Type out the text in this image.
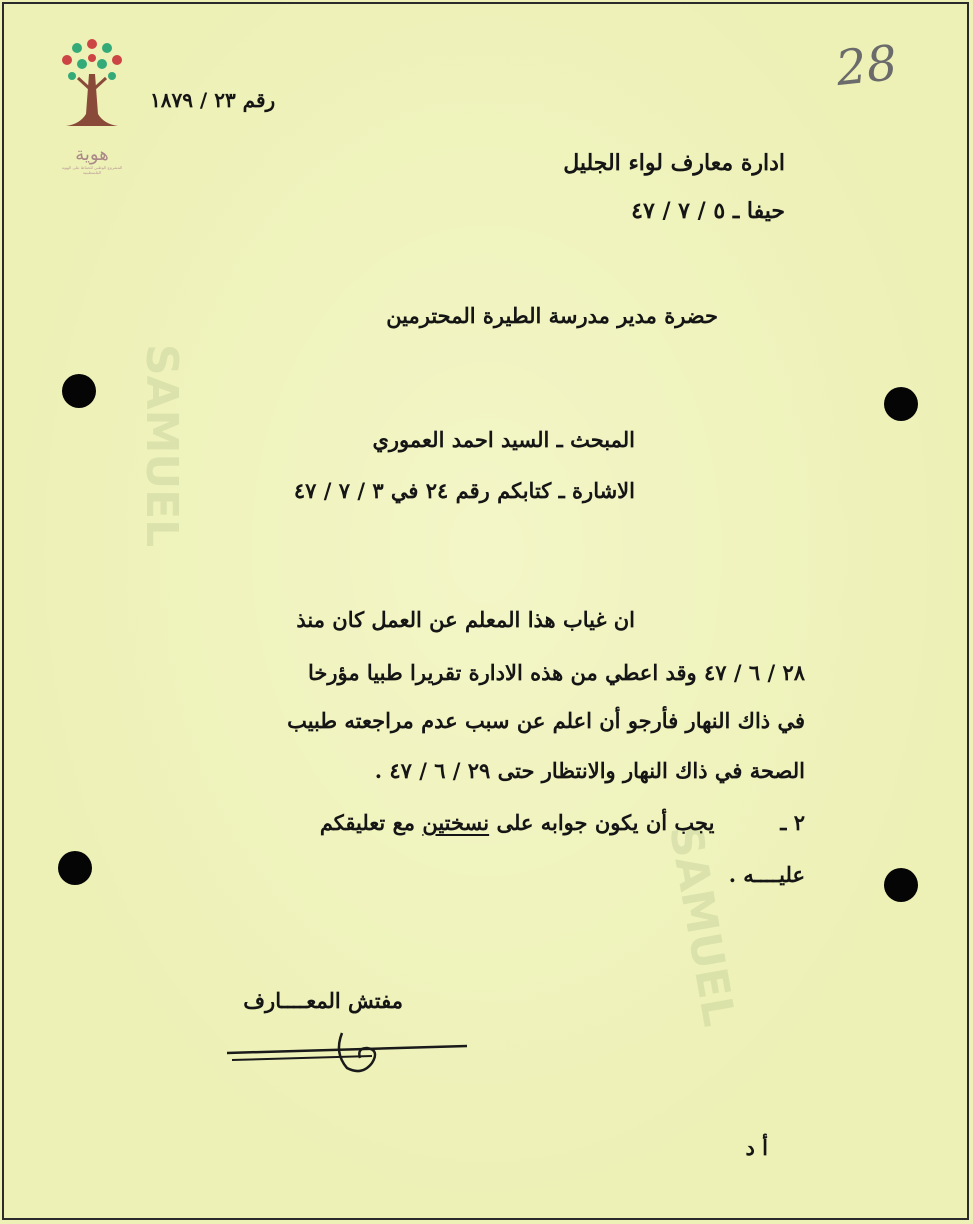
SAMUEL
SAMUEL
هوية
المشروع الوطني للحفاظ على الهوية الفلسطينية
28
رقم ٢٣ / ١٨٧٩
ادارة معارف لواء الجليل
حيفا ـ ٥ / ٧ / ٤٧
حضرة مدير مدرسة الطيرة المحترمين
المبحث ـ السيد احمد العموري
الاشارة ـ كتابكم رقم ٢٤ في ٣ / ٧ / ٤٧
ان غياب هذا المعلم عن العمل كان منذ
٢٨ / ٦ / ٤٧ وقد اعطي من هذه الادارة تقريرا طبيا مؤرخا
في ذاك النهار فأرجو أن اعلم عن سبب عدم مراجعته طبيب
الصحة في ذاك النهار والانتظار حتى ٢٩ / ٦ / ٤٧ .
٢ ـ         يجب أن يكون جوابه على نسختين مع تعليقكم
عليــــه .
مفتش المعــــارف
أ د
